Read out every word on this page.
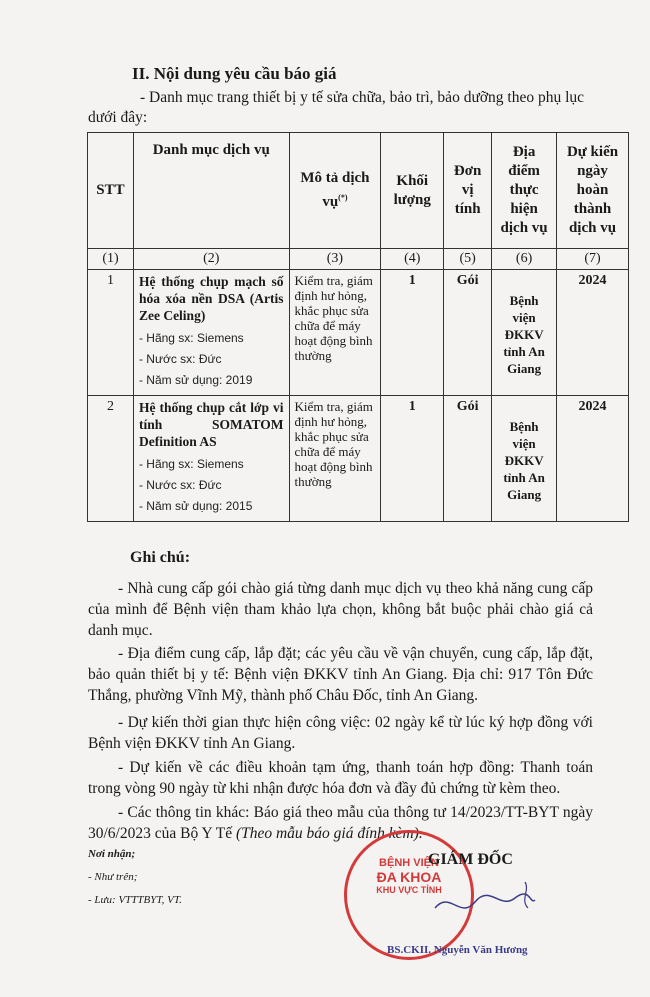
II. Nội dung yêu cầu báo giá
- Danh mục trang thiết bị y tế sửa chữa, bảo trì, bảo dưỡng theo phụ lục dưới đây:
STT	Danh mục dịch vụ	Mô tả dịch vụ(*)	Khối lượng	Đơn vị tính	Địa điểm thực hiện dịch vụ	Dự kiến ngày hoàn thành dịch vụ
(1)	(2)	(3)	(4)	(5)	(6)	(7)
1	Hệ thống chụp mạch số hóa xóa nền DSA (Artis Zee Celing)
- Hãng sx: Siemens
- Nước sx: Đức
- Năm sử dụng: 2019	Kiểm tra, giám định hư hỏng, khắc phục sửa chữa để máy hoạt động bình thường	1	Gói	Bệnh viện ĐKKV tỉnh An Giang	2024
2	Hệ thống chụp cắt lớp vi tính SOMATOM Definition AS
- Hãng sx: Siemens
- Nước sx: Đức
- Năm sử dụng: 2015	Kiểm tra, giám định hư hỏng, khắc phục sửa chữa để máy hoạt động bình thường	1	Gói	Bệnh viện ĐKKV tỉnh An Giang	2024
Ghi chú:
- Nhà cung cấp gói chào giá từng danh mục dịch vụ theo khả năng cung cấp của mình để Bệnh viện tham khảo lựa chọn, không bắt buộc phải chào giá cả danh mục.
- Địa điểm cung cấp, lắp đặt; các yêu cầu về vận chuyển, cung cấp, lắp đặt, bảo quản thiết bị y tế: Bệnh viện ĐKKV tỉnh An Giang. Địa chỉ: 917 Tôn Đức Thắng, phường Vĩnh Mỹ, thành phố Châu Đốc, tỉnh An Giang.
- Dự kiến thời gian thực hiện công việc: 02 ngày kể từ lúc ký hợp đồng với Bệnh viện ĐKKV tỉnh An Giang.
- Dự kiến về các điều khoản tạm ứng, thanh toán hợp đồng: Thanh toán trong vòng 90 ngày từ khi nhận được hóa đơn và đầy đủ chứng từ kèm theo.
- Các thông tin khác: Báo giá theo mẫu của thông tư 14/2023/TT-BYT ngày 30/6/2023 của Bộ Y Tế (Theo mẫu báo giá đính kèm).
Nơi nhận;
- Như trên;
- Lưu: VTTTBYT, VT.
BỆNH VIỆN
ĐA KHOA
KHU VỰC TỈNH
GIÁM ĐỐC
BS.CKII. Nguyễn Văn Hương
